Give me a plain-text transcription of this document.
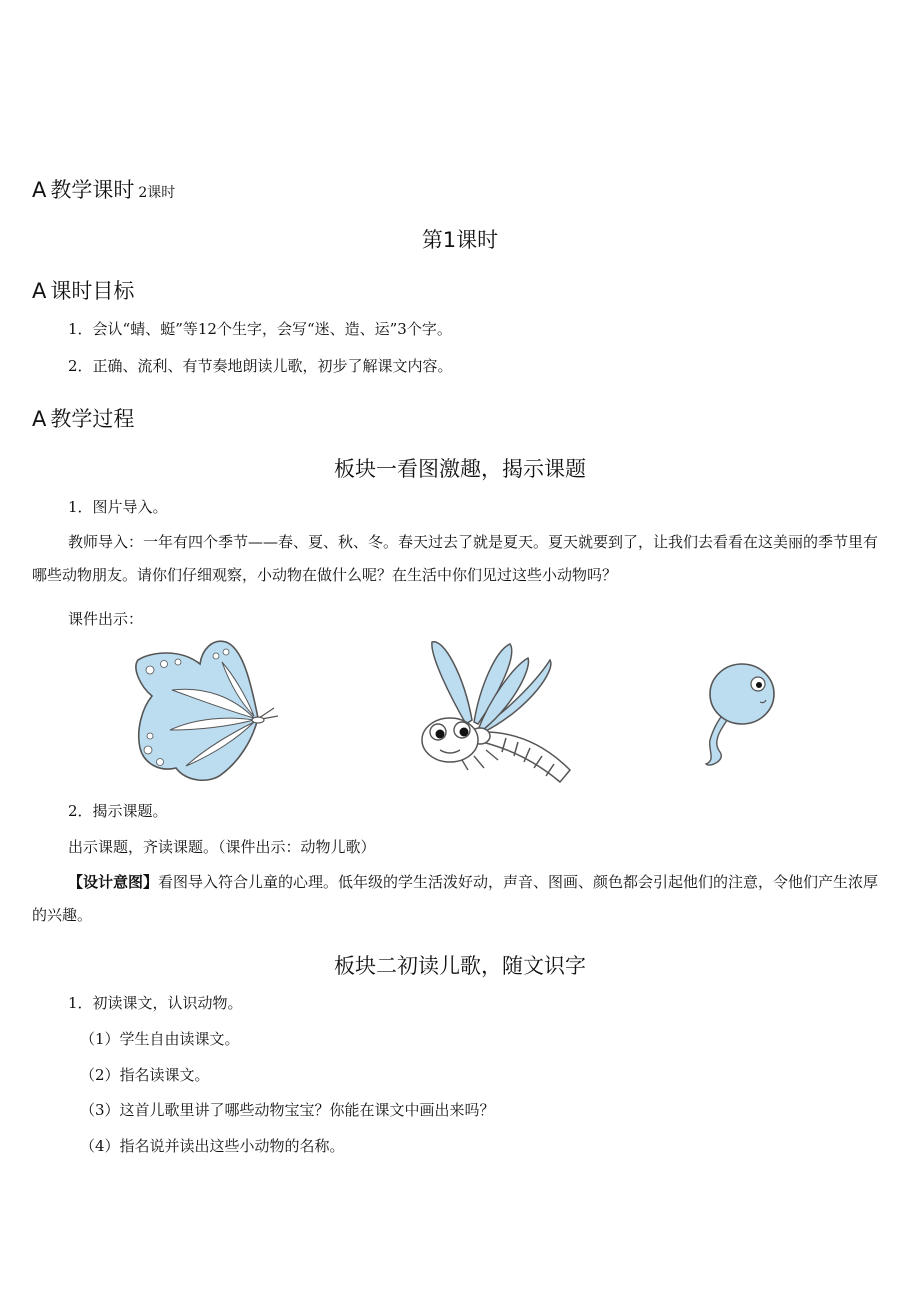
A 教学课时 2课时
第1课时
A 课时目标
1．会认“蜻、蜓”等12个生字，会写“迷、造、运”3个字。
2．正确、流利、有节奏地朗读儿歌，初步了解课文内容。
A 教学过程
板块一看图激趣，揭示课题
1．图片导入。
教师导入：一年有四个季节——春、夏、秋、冬。春天过去了就是夏天。夏天就要到了，让我们去看看在这美丽的季节里有哪些动物朋友。请你们仔细观察，小动物在做什么呢？在生活中你们见过这些小动物吗？
课件出示：
2．揭示课题。
出示课题，齐读课题。（课件出示：动物儿歌）
【设计意图】看图导入符合儿童的心理。低年级的学生活泼好动，声音、图画、颜色都会引起他们的注意，令他们产生浓厚的兴趣。
板块二初读儿歌，随文识字
1．初读课文，认识动物。
（1）学生自由读课文。
（2）指名读课文。
（3）这首儿歌里讲了哪些动物宝宝？你能在课文中画出来吗？
（4）指名说并读出这些小动物的名称。
